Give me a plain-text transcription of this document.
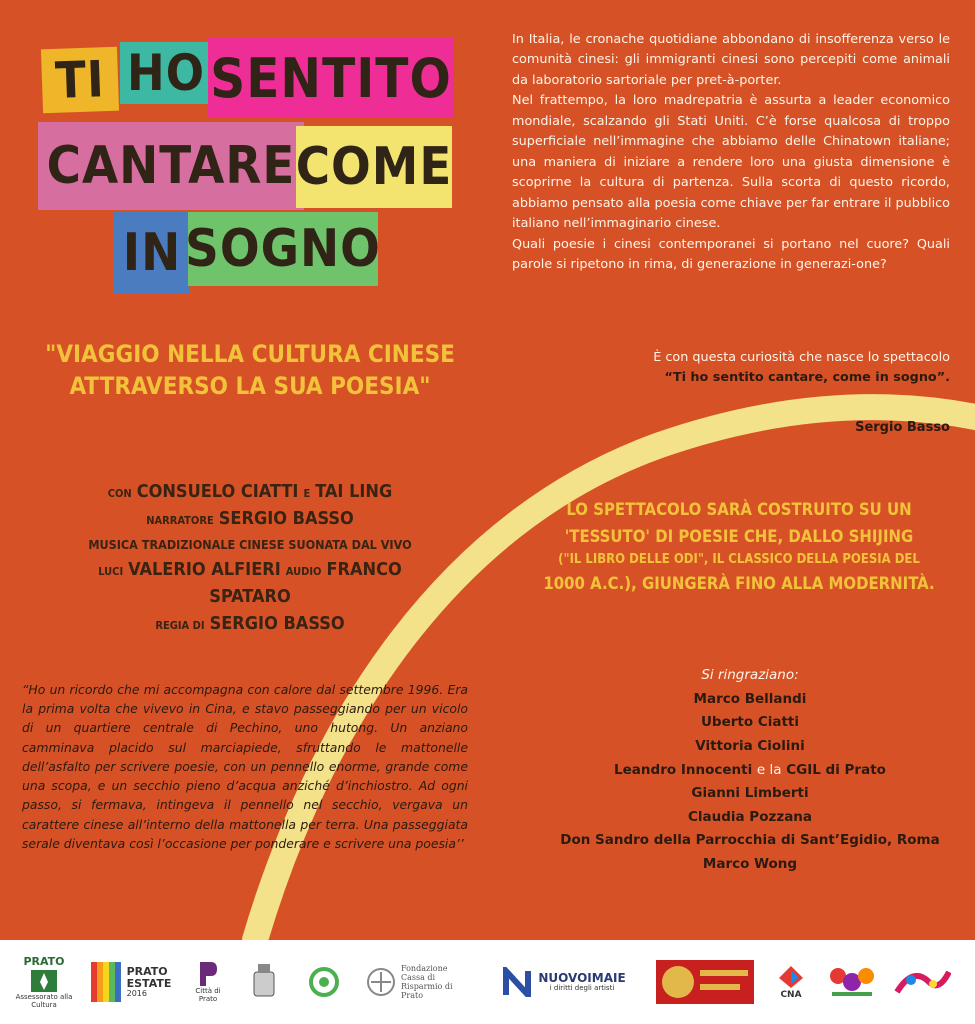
TI HO SENTITO
CANTARE COME
IN SOGNO
"VIAGGIO NELLA CULTURA CINESE
ATTRAVERSO LA SUA POESIA"

CON CONSUELO CIATTI E TAI LING

NARRATORE SERGIO BASSO

MUSICA TRADIZIONALE CINESE SUONATA DAL VIVO

LUCI VALERIO ALFIERI AUDIO FRANCO SPATARO

REGIA DI SERGIO BASSO

“Ho un ricordo che mi accompagna con calore dal settembre 1996. Era la prima volta che vivevo in Cina, e stavo passeggiando per un vicolo di un quartiere centrale di Pechino, uno hutong. Un anziano camminava placido sul marciapiede, sfruttando le mattonelle dell’asfalto per scrivere poesie, con un pennello enorme, grande come una scopa, e un secchio pieno d’acqua anziché d’inchiostro. Ad ogni passo, si fermava, intingeva il pennello nel secchio, vergava un carattere cinese all’interno della mattonella per terra. Una passeggiata serale diventava così l’occasione per ponderare e scrivere una poesia’’

In Italia, le cronache quotidiane abbondano di insofferenza verso le comunità cinesi: gli immigranti cinesi sono percepiti come animali da laboratorio sartoriale per pret-à-porter.

Nel frattempo, la loro madrepatria è assurta a leader economico mondiale, scalzando gli Stati Uniti. C’è forse qualcosa di troppo superficiale nell’immagine che abbiamo delle Chinatown italiane; una maniera di iniziare a rendere loro una giusta dimensione è scoprirne la cultura di partenza. Sulla scorta di questo ricordo, abbiamo pensato alla poesia come chiave per far entrare il pubblico italiano nell’immaginario cinese.

Quali poesie i cinesi contemporanei si portano nel cuore? Quali parole si ripetono in rima, di generazione in generazi-one?

È con questa curiosità che nasce lo spettacolo
“Ti ho sentito cantare, come in sogno”.
Sergio Basso
LO SPETTACOLO SARÀ COSTRUITO SU UN
'TESSUTO' DI POESIE CHE, DALLO SHIJING
("IL LIBRO DELLE ODI", IL CLASSICO DELLA POESIA DEL
1000 A.C.), GIUNGERÀ FINO ALLA MODERNITÀ.
Si ringraziano:
Marco Bellandi
Uberto Ciatti
Vittoria Ciolini
Leandro Innocenti e la CGIL di Prato
Gianni Limberti
Claudia Pozzana
Don Sandro della Parrocchia di Sant’Egidio, Roma
Marco Wong
PRATO
Assessorato alla Cultura
PRATO
ESTATE
2016	Città di Prato
Fondazione Cassa di Risparmio di Prato
NUOVOIMAIE
i diritti degli artisti
CNA
